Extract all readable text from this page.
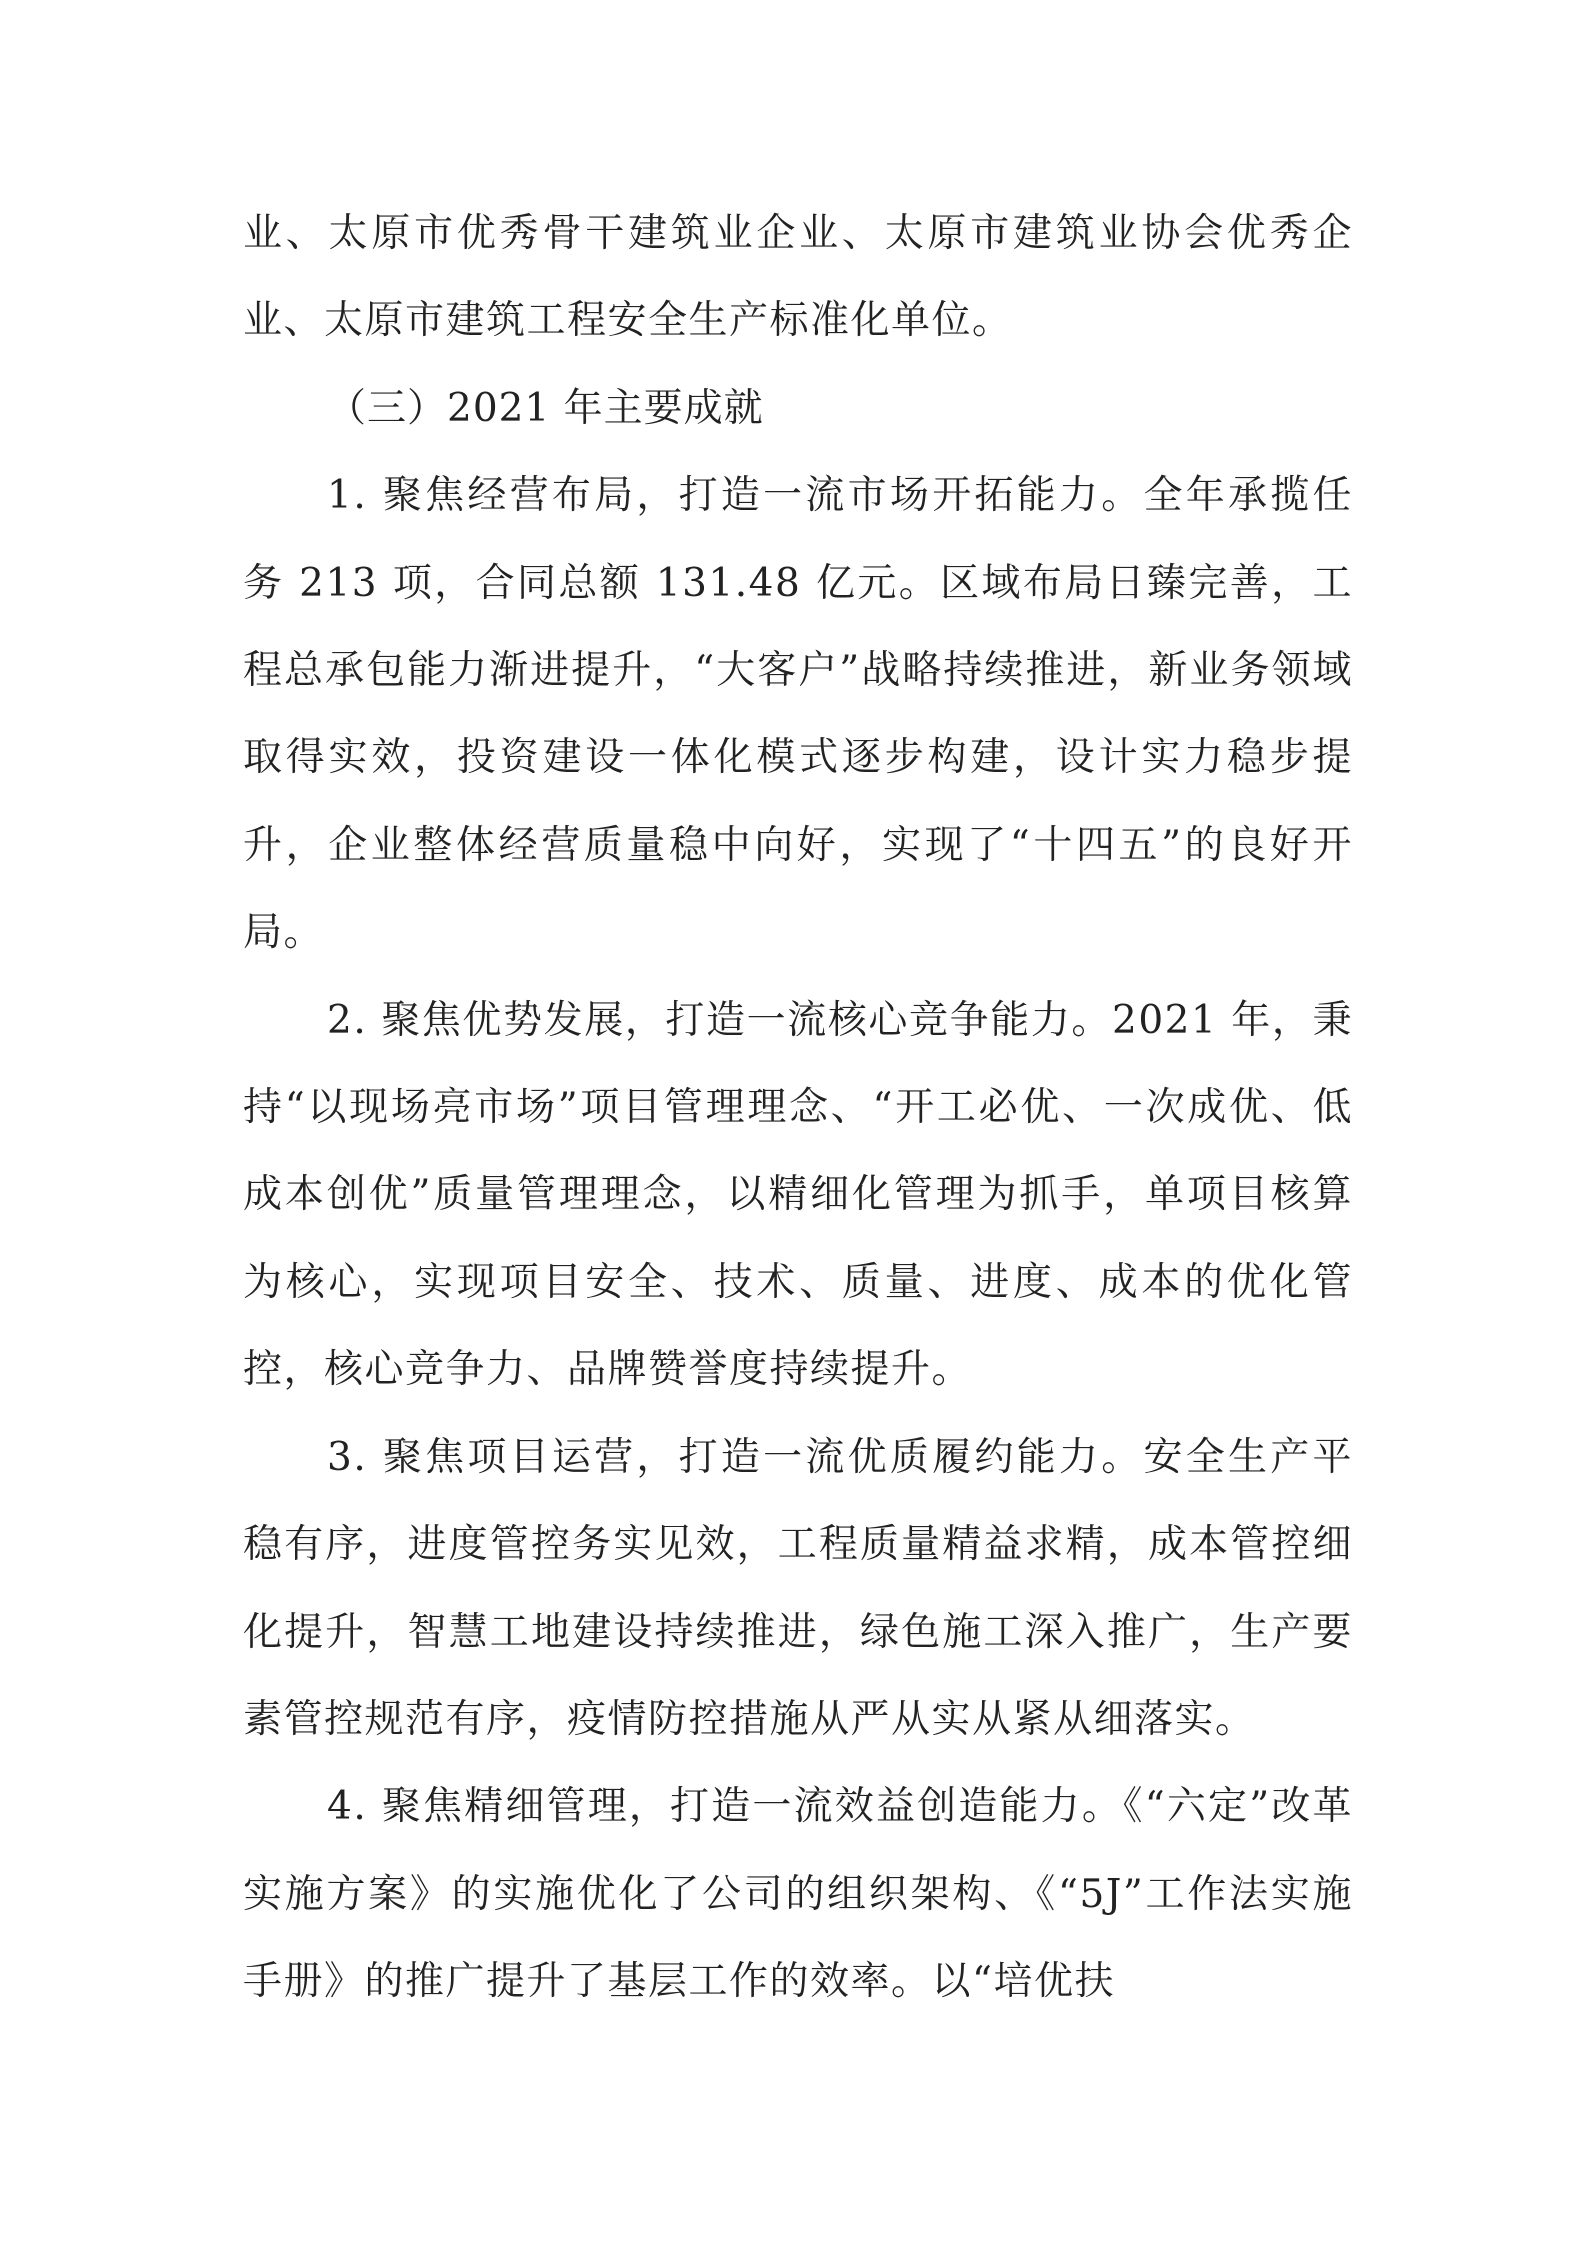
业、太原市优秀骨干建筑业企业、太原市建筑业协会优秀企业、太原市建筑工程安全生产标准化单位。

（三）2021 年主要成就

1. 聚焦经营布局，打造一流市场开拓能力。全年承揽任务 213 项，合同总额 131.48 亿元。区域布局日臻完善，工程总承包能力渐进提升，“大客户”战略持续推进，新业务领域取得实效，投资建设一体化模式逐步构建，设计实力稳步提升，企业整体经营质量稳中向好，实现了“十四五”的良好开局。

2. 聚焦优势发展，打造一流核心竞争能力。2021 年，秉持“以现场亮市场”项目管理理念、“开工必优、一次成优、低成本创优”质量管理理念，以精细化管理为抓手，单项目核算为核心，实现项目安全、技术、质量、进度、成本的优化管控，核心竞争力、品牌赞誉度持续提升。

3. 聚焦项目运营，打造一流优质履约能力。安全生产平稳有序，进度管控务实见效，工程质量精益求精，成本管控细化提升，智慧工地建设持续推进，绿色施工深入推广，生产要素管控规范有序，疫情防控措施从严从实从紧从细落实。

4. 聚焦精细管理，打造一流效益创造能力。《“六定”改革实施方案》的实施优化了公司的组织架构、《“5J”工作法实施手册》的推广提升了基层工作的效率。以“培优扶
